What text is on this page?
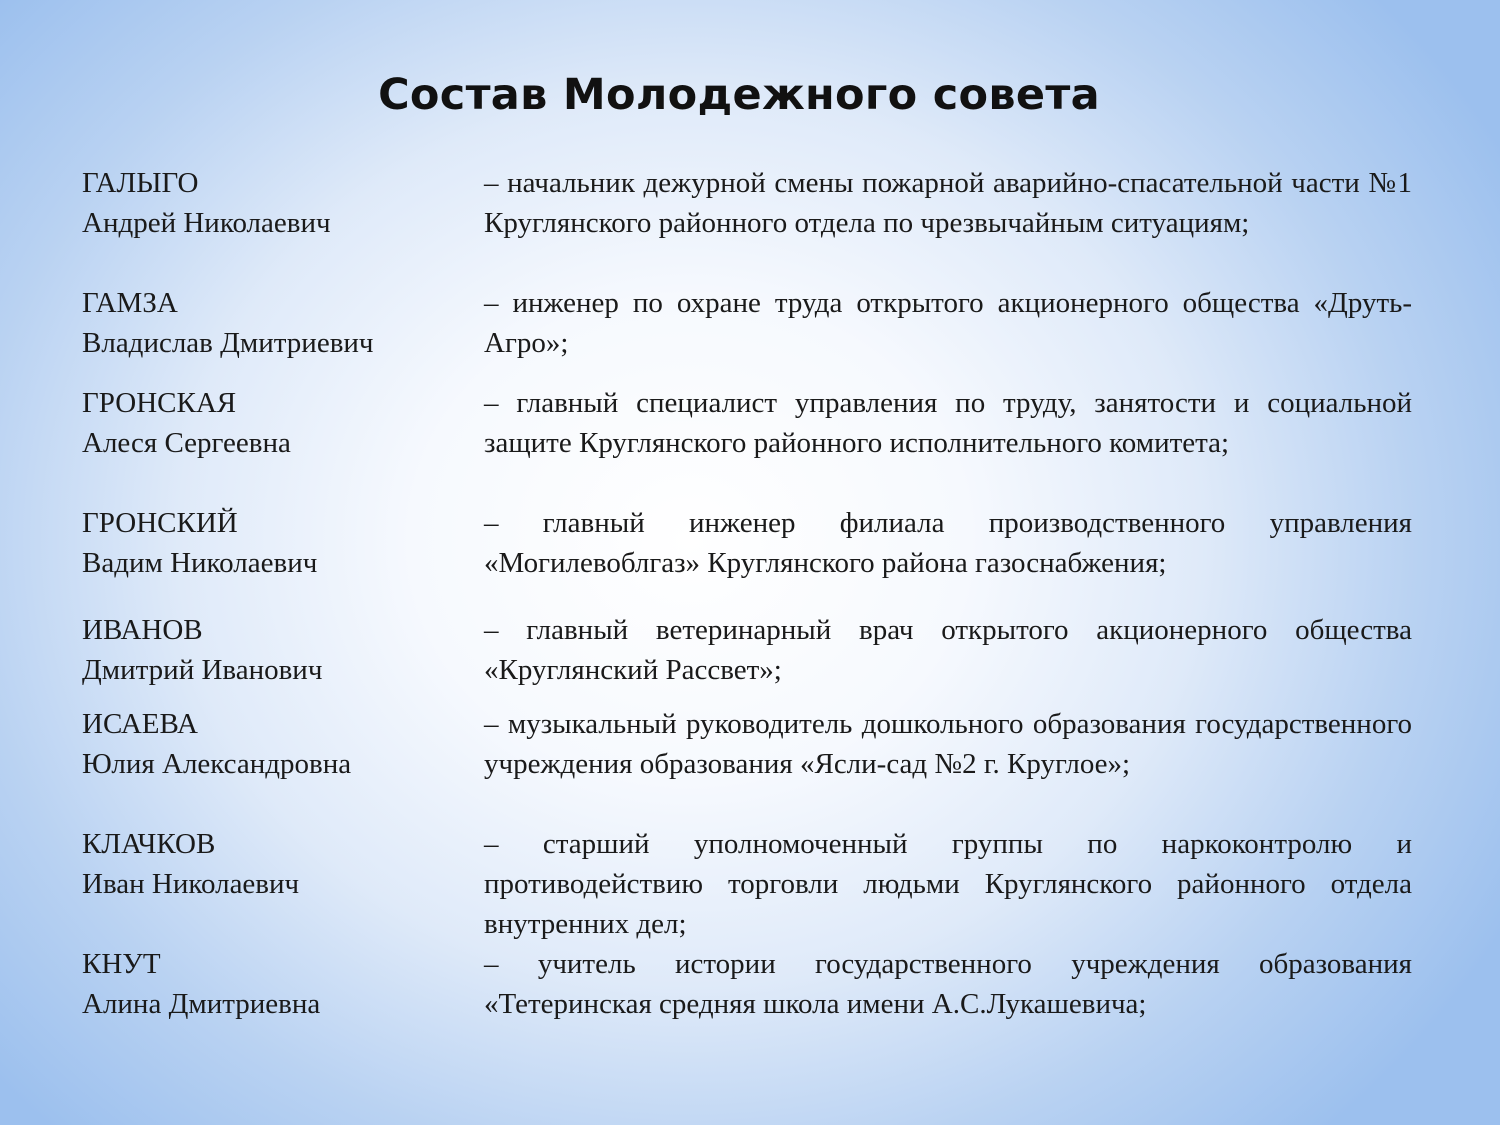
Состав Молодежного совета
ГАЛЫГО
Андрей Николаевич
– начальник дежурной смены пожарной аварийно-спасательной части №1 Круглянского районного отдела по чрезвычайным ситуациям;
ГАМЗА
Владислав Дмитриевич
– инженер по охране труда открытого акционерного общества «Друть-Агро»;
ГРОНСКАЯ
Алеся Сергеевна
– главный специалист управления по труду, занятости и социальной защите Круглянского районного исполнительного комитета;
ГРОНСКИЙ
Вадим Николаевич
– главный инженер филиала производственного управления «Могилевоблгаз» Круглянского района газоснабжения;
ИВАНОВ
Дмитрий Иванович
– главный ветеринарный врач открытого акционерного общества «Круглянский Рассвет»;
ИСАЕВА
Юлия Александровна
– музыкальный руководитель дошкольного образования государственного учреждения образования «Ясли-сад №2 г. Круглое»;
КЛАЧКОВ
Иван Николаевич
– старший уполномоченный группы по наркоконтролю и противодействию торговли людьми Круглянского районного отдела внутренних дел;
КНУТ
Алина Дмитриевна
– учитель истории государственного учреждения образования «Тетеринская средняя школа имени А.С.Лукашевича;
